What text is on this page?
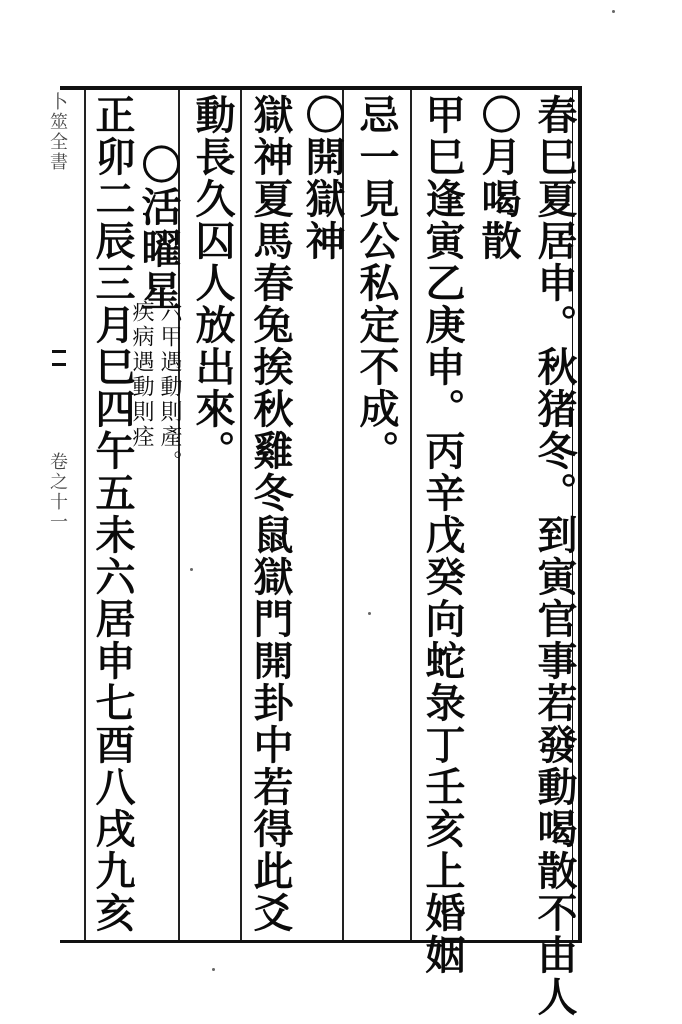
春巳夏居申。秋猪冬。到寅官事若發動喝散不由人
〇月喝散
甲巳逢寅乙庚申。丙辛戊癸向蛇彔丁壬亥上婚姻
忌一見公私定不成。
〇開獄神
獄神夏馬春兔挨秋雞冬鼠獄門開卦中若得此爻
動長久囚人放出來。
〇活曜星
六甲遇動則產。
疾病遇動則痊
正卯二辰三月巳四午五未六居申七酉八戌九亥
卜筮全書
卷之十一
